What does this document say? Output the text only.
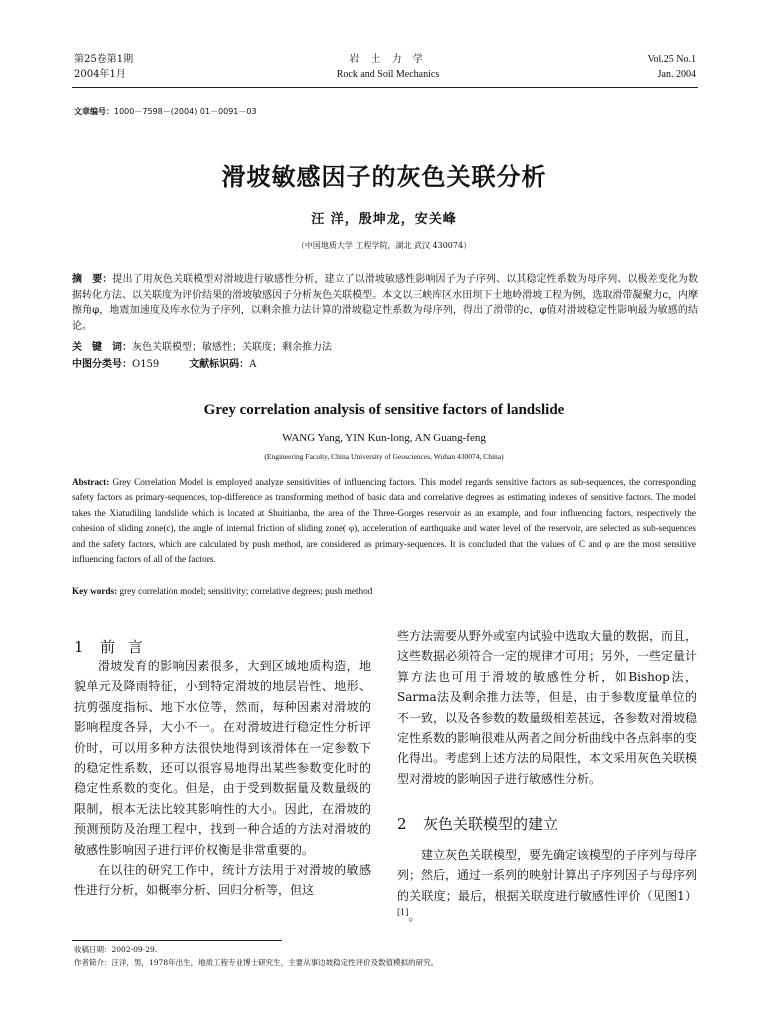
第25卷第1期
2004年1月
岩 土 力 学
Rock and Soil Mechanics
Vol.25 No.1
Jan. 2004
文章编号：1000－7598－(2004) 01－0091－03
滑坡敏感因子的灰色关联分析
汪 洋，殷坤龙，安关峰
（中国地质大学 工程学院，湖北 武汉 430074）
摘　要：提出了用灰色关联模型对滑坡进行敏感性分析，建立了以滑坡敏感性影响因子为子序列、以其稳定性系数为母序列、以极差变化为数据转化方法、以关联度为评价结果的滑坡敏感因子分析灰色关联模型。本文以三峡库区水田坝下土地岭滑坡工程为例，选取滑带凝聚力c，内摩擦角φ，地震加速度及库水位为子序列，以剩余推力法计算的滑坡稳定性系数为母序列，得出了滑带的c，φ值对滑坡稳定性影响最为敏感的结论。
关　键　词：灰色关联模型；敏感性；关联度；剩余推力法
中图分类号：O159	文献标识码：A
Grey correlation analysis of sensitive factors of landslide
WANG Yang, YIN Kun-long, AN Guang-feng
(Engineering Faculty, China University of Geosciences, Wuhan 430074, China)
Abstract: Grey Correlation Model is employed analyze sensitivities of influencing factors. This model regards sensitive factors as sub-sequences, the corresponding safety factors as primary-sequences, top-difference as transforming method of basic data and correlative degrees as estimating indexes of sensitive factors. The model takes the Xiatudiling landslide which is located at Shuitianba, the area of the Three-Gorges reservoir as an example, and four influencing factors, respectively the cohesion of sliding zone(c), the angle of internal friction of sliding zone( φ), acceleration of earthquake and water level of the reservoir, are selected as sub-sequences and the safety factors, which are calculated by push method, are considered as primary-sequences. It is concluded that the values of C and φ are the most sensitive influencing factors of all of the factors.
Key words: grey correlation model; sensitivity; correlative degrees; push method
1 前 言
滑坡发育的影响因素很多，大到区域地质构造，地貌单元及降雨特征，小到特定滑坡的地层岩性、地形、抗剪强度指标、地下水位等，然而，每种因素对滑坡的影响程度各异，大小不一。在对滑坡进行稳定性分析评价时，可以用多种方法很快地得到该滑体在一定参数下的稳定性系数，还可以很容易地得出某些参数变化时的稳定性系数的变化。但是，由于受到数据量及数量级的限制，根本无法比较其影响性的大小。因此，在滑坡的预测预防及治理工程中，找到一种合适的方法对滑坡的敏感性影响因子进行评价权衡是非常重要的。
在以往的研究工作中，统计方法用于对滑坡的敏感性进行分析，如概率分析、回归分析等，但这
些方法需要从野外或室内试验中选取大量的数据，而且，这些数据必须符合一定的规律才可用；另外，一些定量计算方法也可用于滑坡的敏感性分析，如Bishop法，Sarma法及剩余推力法等，但是，由于参数度量单位的不一致，以及各参数的数量级相差甚远，各参数对滑坡稳定性系数的影响很难从两者之间分析曲线中各点斜率的变化得出。考虑到上述方法的局限性，本文采用灰色关联模型对滑坡的影响因子进行敏感性分析。
2 灰色关联模型的建立
建立灰色关联模型，要先确定该模型的子序列与母序列；然后，通过一系列的映射计算出子序列因子与母序列的关联度；最后，根据关联度进行敏感性评价（见图1）[1]。
收稿日期：2002-09-29.
作者简介：汪洋，男，1978年出生，地质工程专业博士研究生，主要从事边坡稳定性评价及数值模拟的研究。
